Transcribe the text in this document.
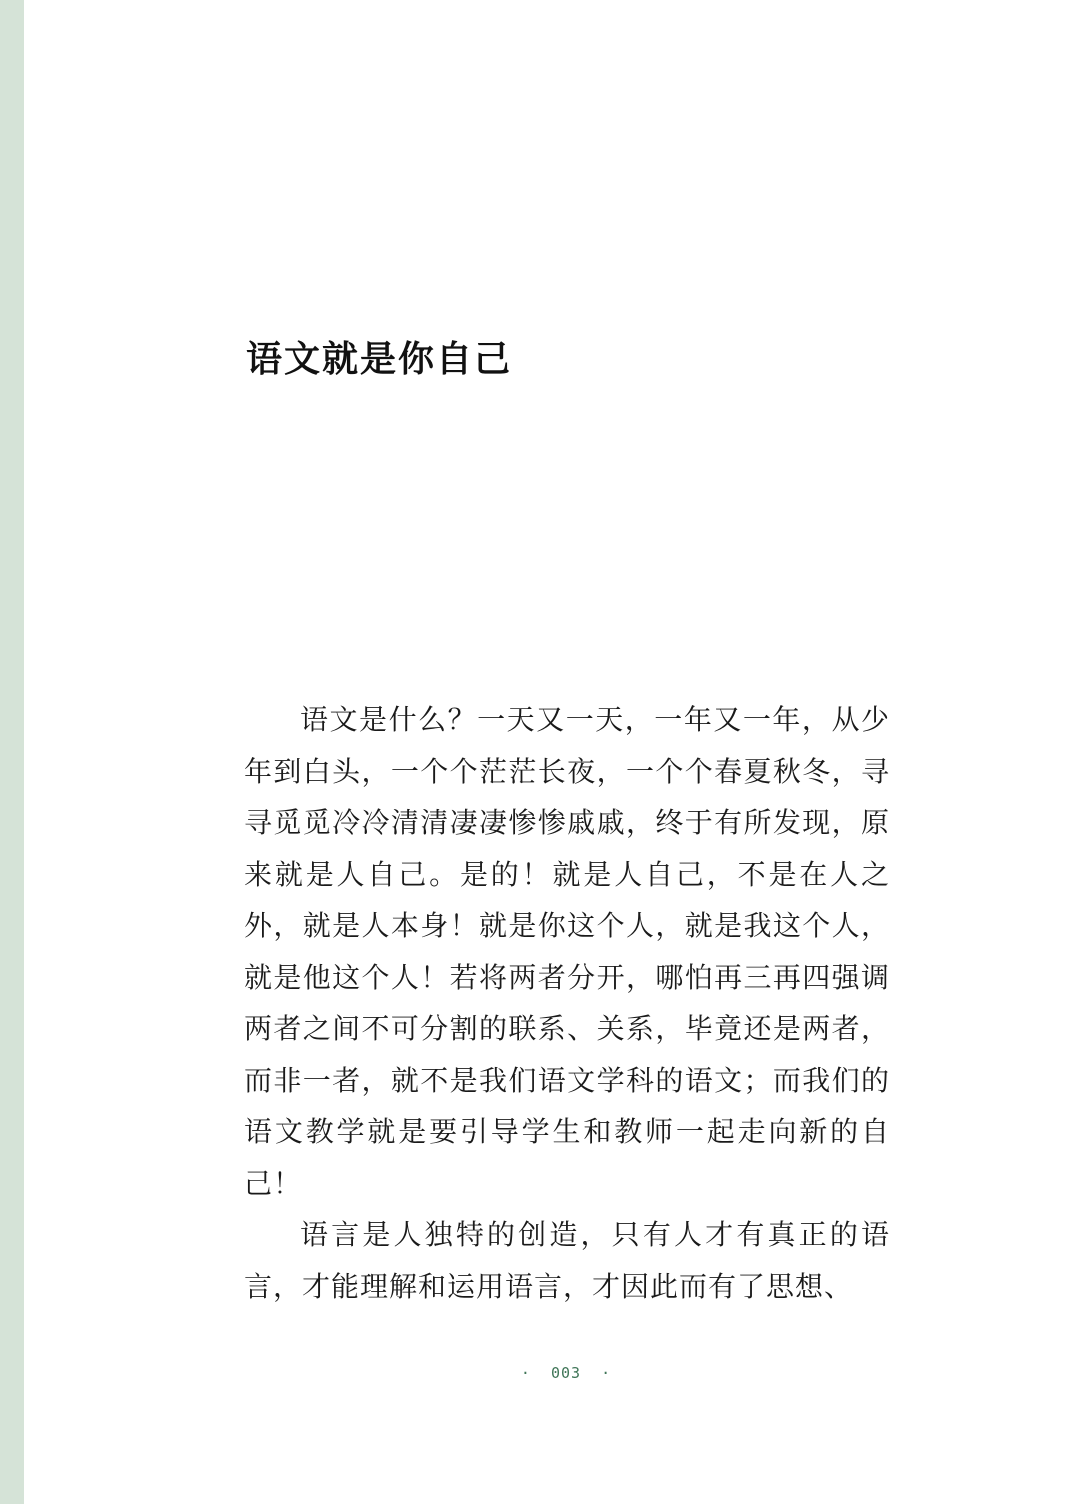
语文就是你自己

语文是什么？一天又一天，一年又一年，从少年到白头，一个个茫茫长夜，一个个春夏秋冬，寻寻觅觅冷冷清清凄凄惨惨戚戚，终于有所发现，原来就是人自己。是的！就是人自己，不是在人之外，就是人本身！就是你这个人，就是我这个人，就是他这个人！若将两者分开，哪怕再三再四强调两者之间不可分割的联系、关系，毕竟还是两者，而非一者，就不是我们语文学科的语文；而我们的语文教学就是要引导学生和教师一起走向新的自己！

语言是人独特的创造，只有人才有真正的语言，才能理解和运用语言，才因此而有了思想、

·  003  ·
